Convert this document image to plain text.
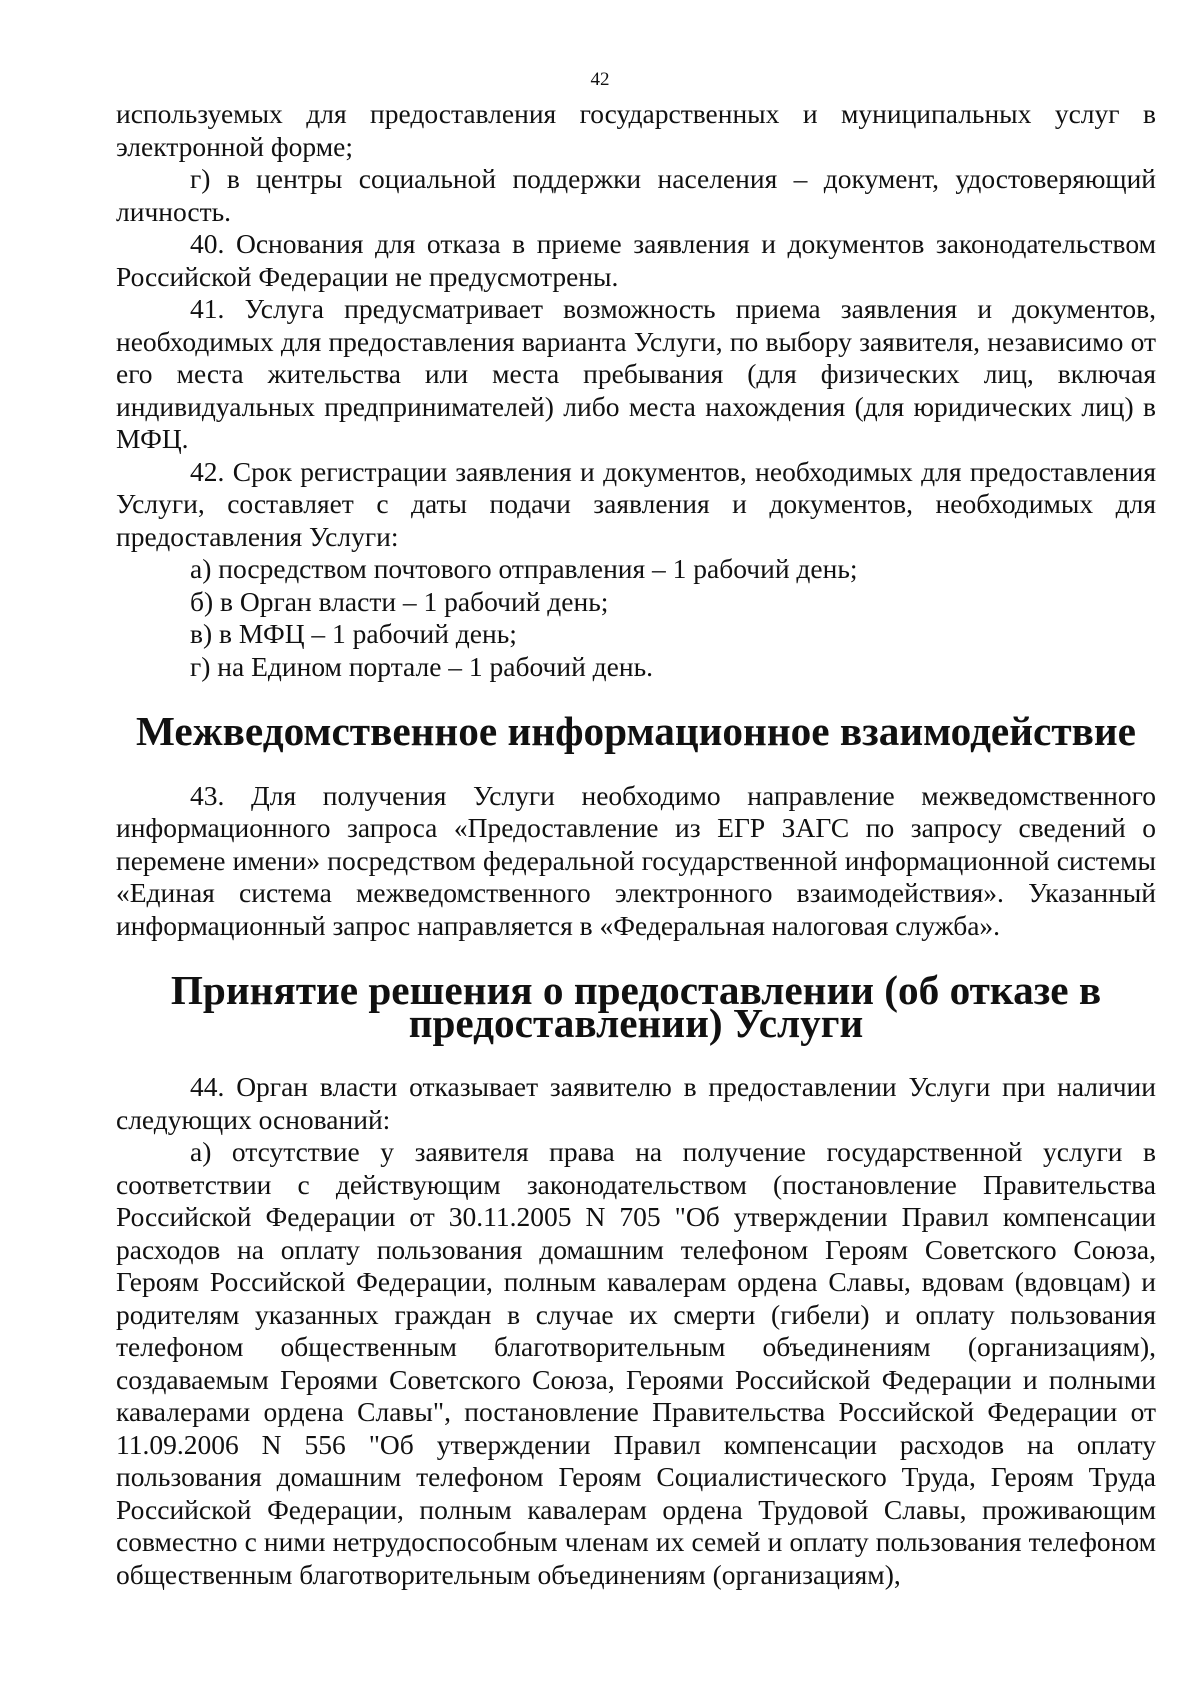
42

используемых для предоставления государственных и муниципальных услуг в электронной форме;

г) в центры социальной поддержки населения – документ, удостоверяющий личность.

40. Основания для отказа в приеме заявления и документов законодательством Российской Федерации не предусмотрены.

41. Услуга предусматривает возможность приема заявления и документов, необходимых для предоставления варианта Услуги, по выбору заявителя, независимо от его места жительства или места пребывания (для физических лиц, включая индивидуальных предпринимателей) либо места нахождения (для юридических лиц) в МФЦ.

42. Срок регистрации заявления и документов, необходимых для предоставления Услуги, составляет с даты подачи заявления и документов, необходимых для предоставления Услуги:

а) посредством почтового отправления – 1 рабочий день;

б) в Орган власти – 1 рабочий день;

в) в МФЦ – 1 рабочий день;

г) на Едином портале – 1 рабочий день.

Межведомственное информационное взаимодействие

43. Для получения Услуги необходимо направление межведомственного информационного запроса «Предоставление из ЕГР ЗАГС по запросу сведений о перемене имени» посредством федеральной государственной информационной системы «Единая система межведомственного электронного взаимодействия». Указанный информационный запрос направляется в «Федеральная налоговая служба».

Принятие решения о предоставлении (об отказе в предоставлении) Услуги

44. Орган власти отказывает заявителю в предоставлении Услуги при наличии следующих оснований:

а) отсутствие у заявителя права на получение государственной услуги в соответствии с действующим законодательством (постановление Правительства Российской Федерации от 30.11.2005 N 705 "Об утверждении Правил компенсации расходов на оплату пользования домашним телефоном Героям Советского Союза, Героям Российской Федерации, полным кавалерам ордена Славы, вдовам (вдовцам) и родителям указанных граждан в случае их смерти (гибели) и оплату пользования телефоном общественным благотворительным объединениям (организациям), создаваемым Героями Советского Союза, Героями Российской Федерации и полными кавалерами ордена Славы", постановление Правительства Российской Федерации от 11.09.2006 N 556 "Об утверждении Правил компенсации расходов на оплату пользования домашним телефоном Героям Социалистического Труда, Героям Труда Российской Федерации, полным кавалерам ордена Трудовой Славы, проживающим совместно с ними нетрудоспособным членам их семей и оплату пользования телефоном общественным благотворительным объединениям (организациям),
